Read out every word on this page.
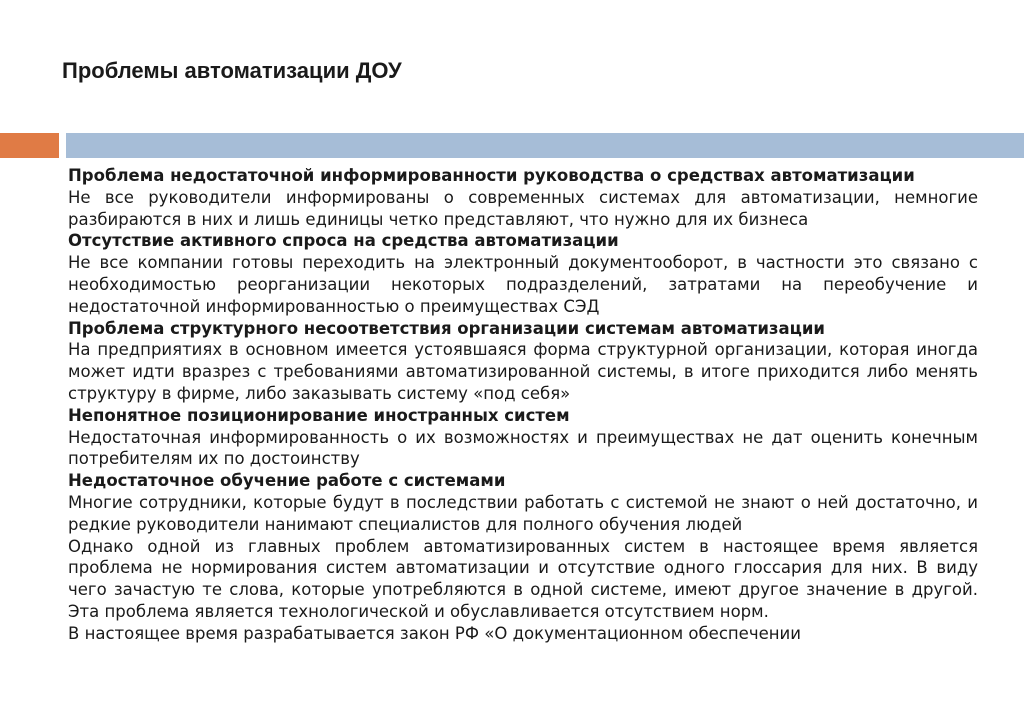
Проблемы автоматизации ДОУ

Проблема недостаточной информированности руководства о средствах автоматизации

Не все руководители информированы о современных системах для автоматизации, немногие разбираются в них и лишь единицы четко представляют, что нужно для их бизнеса

Отсутствие активного спроса на средства автоматизации

Не все компании готовы переходить на электронный документооборот, в частности это связано с необходимостью реорганизации некоторых подразделений, затратами на переобучение и недостаточной информированностью о преимуществах СЭД

Проблема структурного несоответствия организации системам автоматизации

На предприятиях в основном имеется устоявшаяся форма структурной организации, которая иногда может идти вразрез с требованиями автоматизированной системы, в итоге приходится либо менять структуру в фирме, либо заказывать систему «под себя»

Непонятное позиционирование иностранных систем

Недостаточная информированность о их возможностях и преимуществах не дат оценить конечным потребителям их по достоинству

Недостаточное обучение работе с системами

Многие сотрудники, которые будут в последствии работать с системой не знают о ней достаточно, и редкие руководители нанимают специалистов для полного обучения людей

Однако одной из главных проблем автоматизированных систем в настоящее время является проблема не нормирования систем автоматизации и отсутствие одного глоссария для них. В виду чего зачастую те слова, которые употребляются в одной системе, имеют другое значение в другой. Эта проблема является технологической и обуславливается отсутствием норм.

В настоящее время разрабатывается закон РФ «О документационном обеспечении
